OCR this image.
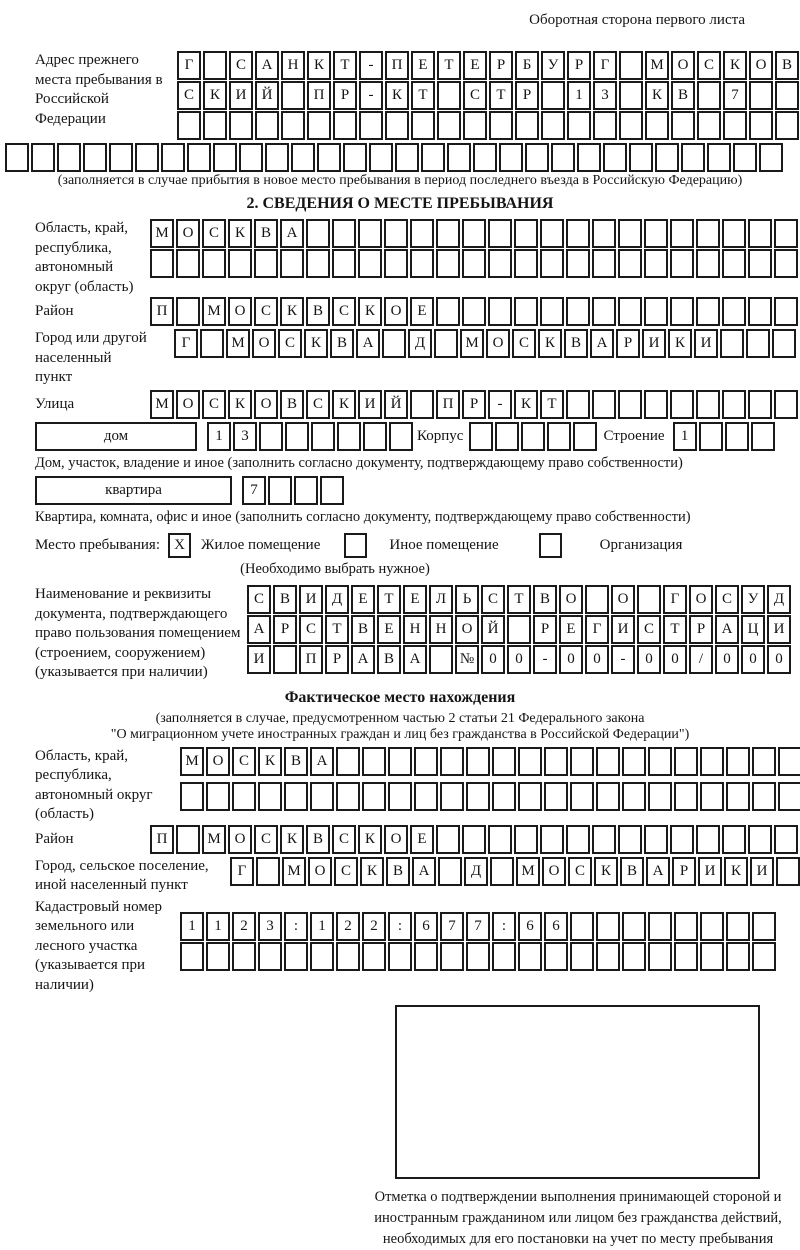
Оборотная сторона первого листа
Адрес прежнего места пребывания в Российской Федерации
Г	С А Н К Т - П Е Т Е Р Б У Р Г	М О С К О В
С К И Й	П Р - К Т	С Т Р	1 3	К В	7
(заполняется в случае прибытия в новое место пребывания в период последнего въезда в Российскую Федерацию)
2. СВЕДЕНИЯ О МЕСТЕ ПРЕБЫВАНИЯ
Область, край, республика, автономный округ (область)
М О С К В А
Район	П	М О С К В С К О Е
Город или другой населенный пункт
Г	М О С К В А	Д	М О С К В А Р И К И
Улица	М О С К О В С К И Й	П Р - К Т
дом	1 3	Корпус	Строение	1
Дом, участок, владение и иное (заполнить согласно документу, подтверждающему право собственности)
квартира	7
Квартира, комната, офис и иное (заполнить согласно документу, подтверждающему право собственности)
Место пребывания: X	Жилое помещение	Иное помещение	Организация
(Необходимо выбрать нужное)
Наименование и реквизиты документа, подтверждающего право пользования помещением (строением, сооружением) (указывается при наличии)
С В И Д Е Т Е Л Ь С Т В О	О	Г О С У Д
А Р С Т В Е Н Н О Й	Р Е Г И С Т Р А Ц И
И	П Р А В А	№ 0 0 - 0 0 - 0 0 / 0 0 0
Фактическое место нахождения
(заполняется в случае, предусмотренном частью 2 статьи 21 Федерального закона
"О миграционном учете иностранных граждан и лиц без гражданства в Российской Федерации")
Область, край, республика, автономный округ (область)
М О С К В А
Район	П	М О С К В С К О Е
Город, сельское поселение, иной населенный пункт
Г	М О С К В А	Д	М О С К В А Р И К И
Кадастровый номер земельного или лесного участка (указывается при наличии)
1 1 2 3 : 1 2 2 : 6 7 7 : 6 6
Отметка о подтверждении выполнения принимающей стороной и иностранным гражданином или лицом без гражданства действий, необходимых для его постановки на учет по месту пребывания
